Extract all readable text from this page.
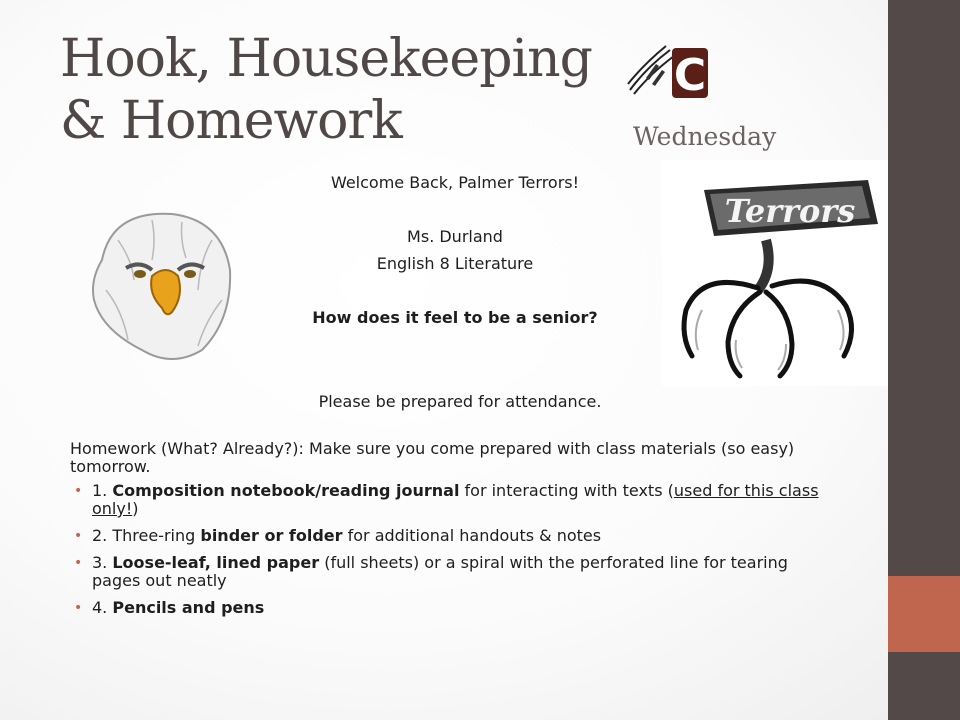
Hook, Housekeeping
& Homework	Wednesday
C
Terrors
Welcome Back, Palmer Terrors!
Ms. Durland
English 8 Literature
How does it feel to be a senior?
Please be prepared for attendance.

Homework (What? Already?): Make sure you come prepared with class materials (so easy) tomorrow.

• 1. Composition notebook/reading journal for interacting with texts (used for this class only!)
• 2. Three-ring binder or folder for additional handouts & notes
• 3. Loose-leaf, lined paper (full sheets) or a spiral with the perforated line for tearing pages out neatly
• 4. Pencils and pens
